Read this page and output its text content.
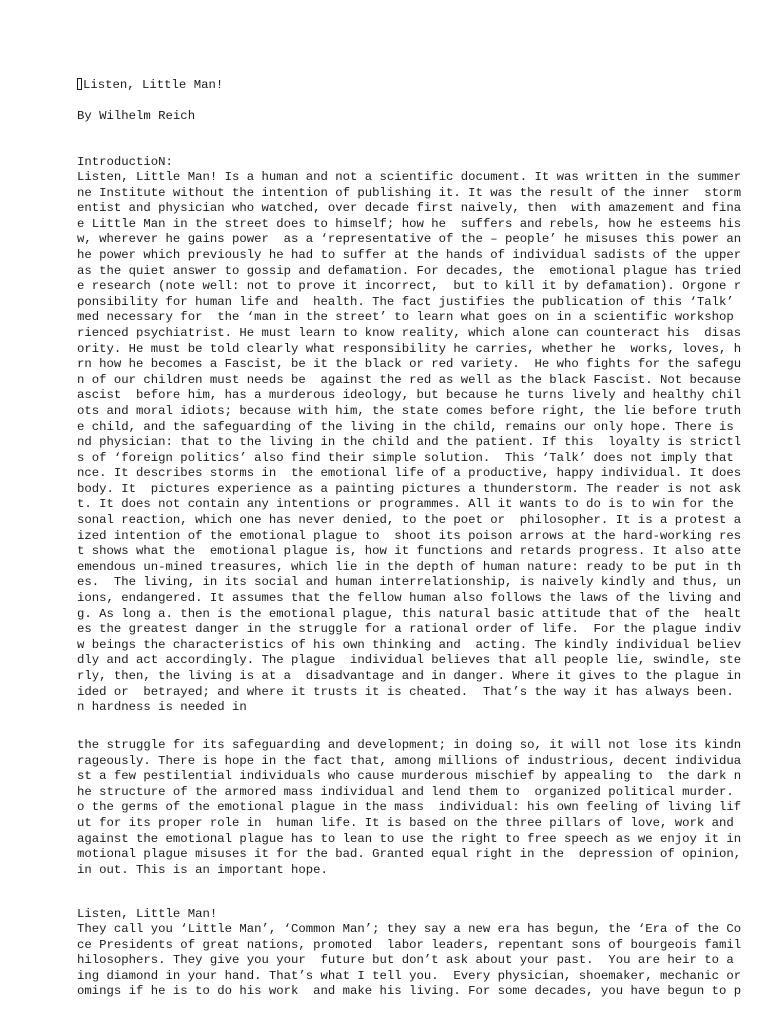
Listen, Little Man!
By Wilhelm Reich
IntroductioN:
Listen, Little Man! Is a human and not a scientific document. It was written in the summer
ne Institute without the intention of publishing it. It was the result of the inner  storm
entist and physician who watched, over decade first naively, then  with amazement and fina
e Little Man in the street does to himself; how he  suffers and rebels, how he esteems his
w, wherever he gains power  as a ‘representative of the – people’ he misuses this power an
he power which previously he had to suffer at the hands of individual sadists of the upper
as the quiet answer to gossip and defamation. For decades, the  emotional plague has tried
e research (note well: not to prove it incorrect,  but to kill it by defamation). Orgone r
ponsibility for human life and  health. The fact justifies the publication of this ‘Talk’
med necessary for  the ‘man in the street’ to learn what goes on in a scientific workshop
rienced psychiatrist. He must learn to know reality, which alone can counteract his  disas
ority. He must be told clearly what responsibility he carries, whether he  works, loves, h
rn how he becomes a Fascist, be it the black or red variety.  He who fights for the safegu
n of our children must needs be  against the red as well as the black Fascist. Not because
ascist  before him, has a murderous ideology, but because he turns lively and healthy chil
ots and moral idiots; because with him, the state comes before right, the lie before truth
e child, and the safeguarding of the living in the child, remains our only hope. There is
nd physician: that to the living in the child and the patient. If this  loyalty is strictl
s of ‘foreign politics’ also find their simple solution.  This ‘Talk’ does not imply that
nce. It describes storms in  the emotional life of a productive, happy individual. It does
body. It  pictures experience as a painting pictures a thunderstorm. The reader is not ask
t. It does not contain any intentions or programmes. All it wants to do is to win for the
sonal reaction, which one has never denied, to the poet or  philosopher. It is a protest a
ized intention of the emotional plague to  shoot its poison arrows at the hard-working res
t shows what the  emotional plague is, how it functions and retards progress. It also atte
emendous un-mined treasures, which lie in the depth of human nature: ready to be put in th
es.  The living, in its social and human interrelationship, is naively kindly and thus, un
ions, endangered. It assumes that the fellow human also follows the laws of the living and
g. As long a. then is the emotional plague, this natural basic attitude that of the  healt
es the greatest danger in the struggle for a rational order of life.  For the plague indiv
w beings the characteristics of his own thinking and  acting. The kindly individual believ
dly and act accordingly. The plague  individual believes that all people lie, swindle, ste
rly, then, the living is at a  disadvantage and in danger. Where it gives to the plague in
ided or  betrayed; and where it trusts it is cheated.  That’s the way it has always been.
n hardness is needed in
the struggle for its safeguarding and development; in doing so, it will not lose its kindn
rageously. There is hope in the fact that, among millions of industrious, decent individua
st a few pestilential individuals who cause murderous mischief by appealing to  the dark n
he structure of the armored mass individual and lend them to  organized political murder.
o the germs of the emotional plague in the mass  individual: his own feeling of living lif
ut for its proper role in  human life. It is based on the three pillars of love, work and
against the emotional plague has to lean to use the right to free speech as we enjoy it in
motional plague misuses it for the bad. Granted equal right in the  depression of opinion,
in out. This is an important hope.
Listen, Little Man!
They call you ‘Little Man’, ‘Common Man’; they say a new era has begun, the ‘Era of the Co
ce Presidents of great nations, promoted  labor leaders, repentant sons of bourgeois famil
hilosophers. They give you your  future but don’t ask about your past.  You are heir to a
ing diamond in your hand. That’s what I tell you.  Every physician, shoemaker, mechanic or
omings if he is to do his work  and make his living. For some decades, you have begun to p
